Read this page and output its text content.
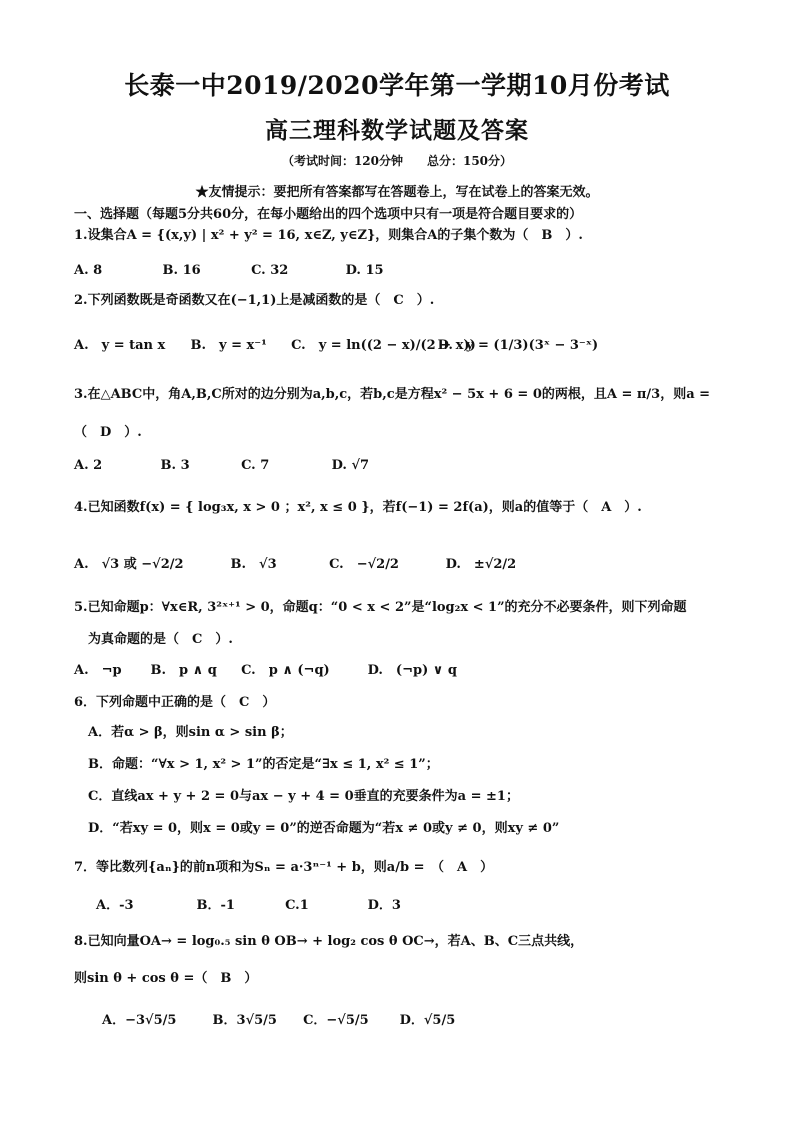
长泰一中2019/2020学年第一学期10月份考试
高三理科数学试题及答案
（考试时间：120分钟　　总分：150分）
★友情提示：要把所有答案都写在答题卷上，写在试卷上的答案无效。
一、选择题（每题5分共60分，在每小题给出的四个选项中只有一项是符合题目要求的）
1.设集合A = {(x,y) | x² + y² = 16, x∈Z, y∈Z}，则集合A的子集个数为（　B　）.
A. 8	B. 16	C. 32	D. 15
2.下列函数既是奇函数又在(−1,1)上是减函数的是（　C　）.
A.　y = tan x B.　y = x⁻¹ C.　y = ln((2 − x)/(2 + x)) D.　y = (1/3)(3ˣ − 3⁻ˣ)
3.在△ABC中，角A,B,C所对的边分别为a,b,c，若b,c是方程x² − 5x + 6 = 0的两根，且A = π/3，则a =
（　D　）.
A. 2	B. 3	C. 7	D. √7
4.已知函数f(x) = { log₃x, x > 0 ；x², x ≤ 0 }，若f(−1) = 2f(a)，则a的值等于（　A　）.
A.　√3 或 −√2/2	B.　√3	C.　−√2/2	D.　±√2/2
5.已知命题p：∀x∈R, 3²ˣ⁺¹ > 0，命题q：“0 < x < 2”是“log₂x < 1”的充分不必要条件，则下列命题
为真命题的是（　C　）.
A.　¬p B.　p ∧ q C.　p ∧ (¬q)	D.　(¬p) ∨ q
6．下列命题中正确的是（　C　）
A．若α > β，则sin α > sin β；
B．命题：“∀x > 1, x² > 1”的否定是“∃x ≤ 1, x² ≤ 1”；
C．直线ax + y + 2 = 0与ax − y + 4 = 0垂直的充要条件为a = ±1；
D．“若xy = 0，则x = 0或y = 0”的逆否命题为“若x ≠ 0或y ≠ 0，则xy ≠ 0”

7．等比数列{aₙ}的前n项和为Sₙ = a·3ⁿ⁻¹ + b，则a/b =　（　A　）
A．-3	B．-1	C.1	D．3
8.已知向量OA→ = log₀.₅ sin θ OB→ + log₂ cos θ OC→，若A、B、C三点共线，
则sin θ + cos θ =（　B　）
A．−3√5/5	B．3√5/5 C．−√5/5 D．√5/5
